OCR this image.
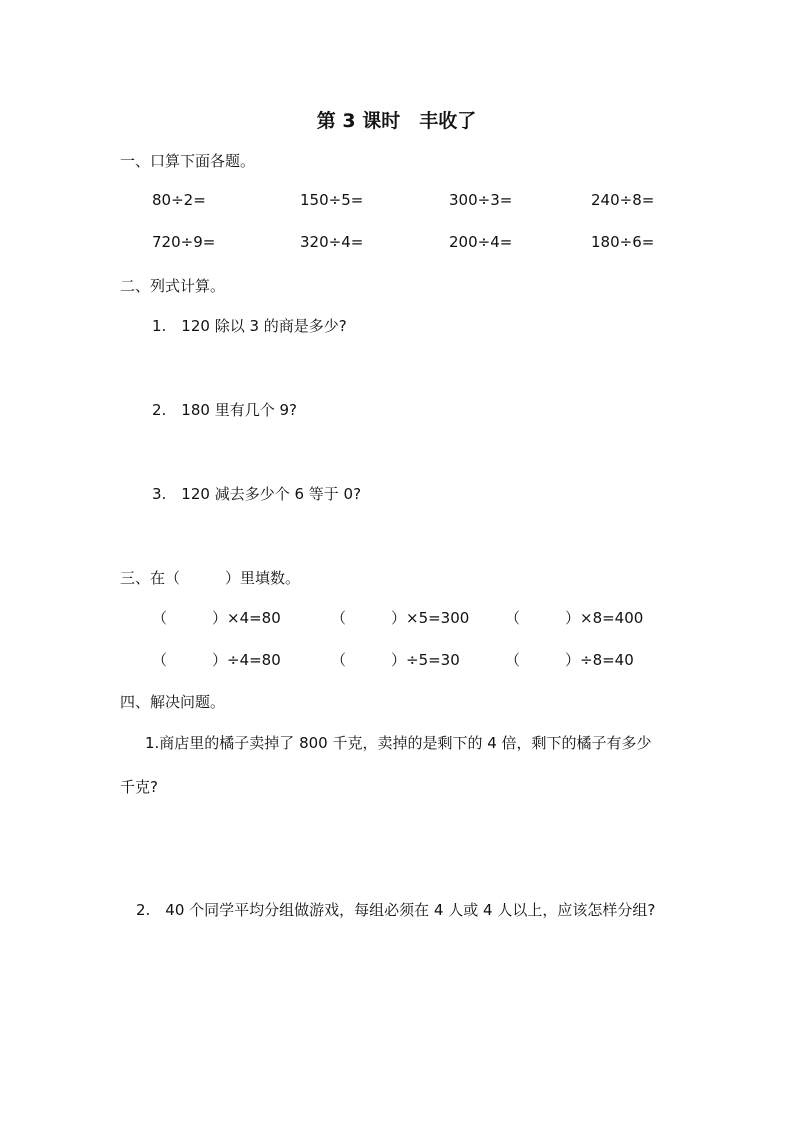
第 3 课时　丰收了
一、口算下面各题。
80÷2=	150÷5=	300÷3=	240÷8=
720÷9=	320÷4=	200÷4=	180÷6=
二、列式计算。
1.　120 除以 3 的商是多少?
2.　180 里有几个 9?
3.　120 减去多少个 6 等于 0?
三、在（　　　）里填数。
（　　　）×4=80	（　　　）×5=300 （　　　）×8=400
（　　　）÷4=80	（　　　）÷5=30	（　　　）÷8=40
四、解决问题。
1.商店里的橘子卖掉了 800 千克，卖掉的是剩下的 4 倍，剩下的橘子有多少
千克?
2.　40 个同学平均分组做游戏，每组必须在 4 人或 4 人以上，应该怎样分组?
